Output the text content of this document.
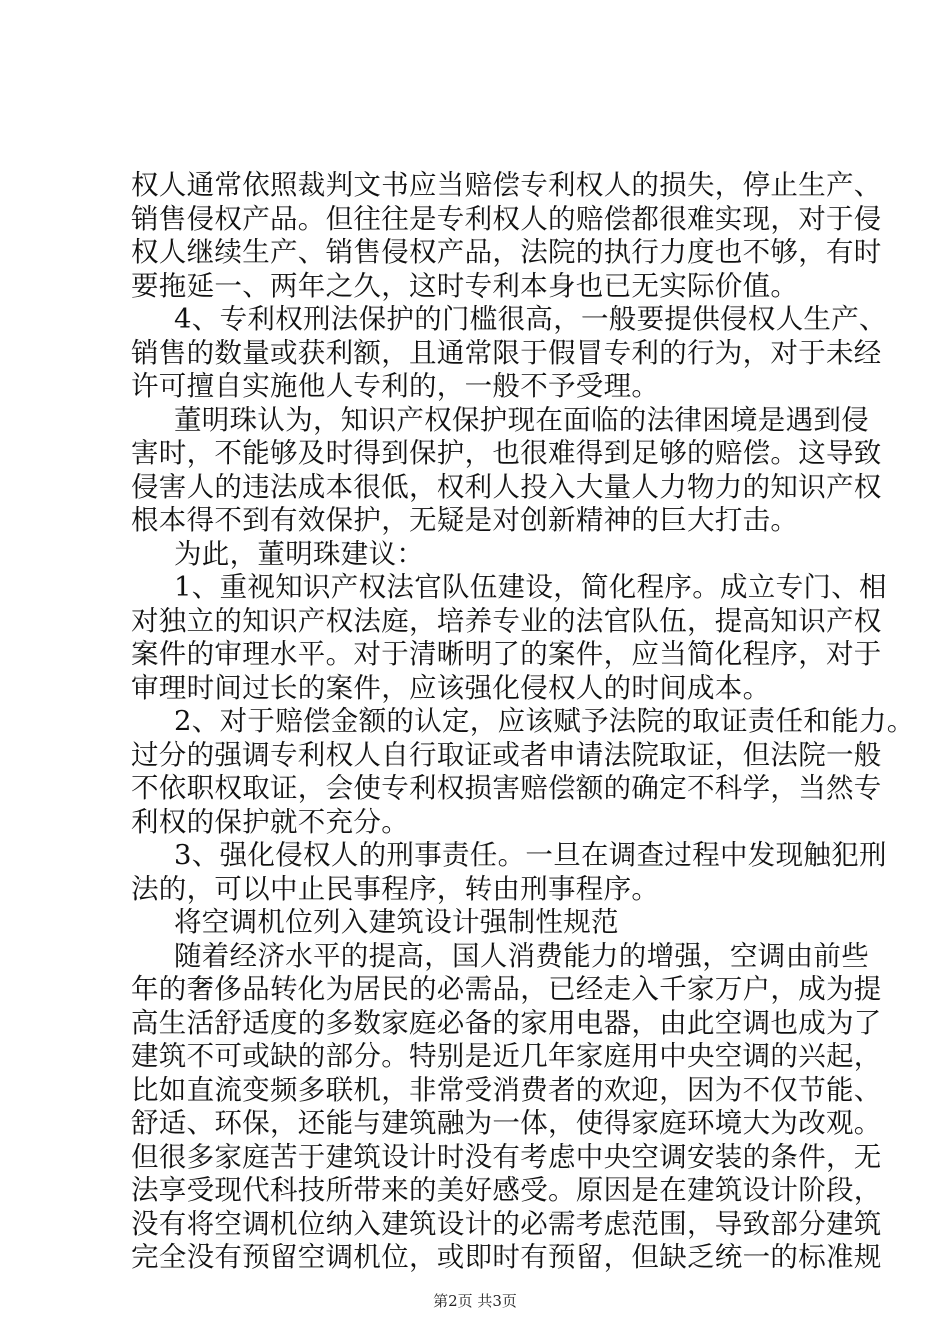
权人通常依照裁判文书应当赔偿专利权人的损失，停止生产、
销售侵权产品。但往往是专利权人的赔偿都很难实现，对于侵
权人继续生产、销售侵权产品，法院的执行力度也不够，有时
要拖延一、两年之久，这时专利本身也已无实际价值。
4、专利权刑法保护的门槛很高，一般要提供侵权人生产、
销售的数量或获利额，且通常限于假冒专利的行为，对于未经
许可擅自实施他人专利的，一般不予受理。
董明珠认为，知识产权保护现在面临的法律困境是遇到侵
害时，不能够及时得到保护，也很难得到足够的赔偿。这导致
侵害人的违法成本很低，权利人投入大量人力物力的知识产权
根本得不到有效保护，无疑是对创新精神的巨大打击。
为此，董明珠建议：
1、重视知识产权法官队伍建设，简化程序。成立专门、相
对独立的知识产权法庭，培养专业的法官队伍，提高知识产权
案件的审理水平。对于清晰明了的案件，应当简化程序，对于
审理时间过长的案件，应该强化侵权人的时间成本。
2、对于赔偿金额的认定，应该赋予法院的取证责任和能力。
过分的强调专利权人自行取证或者申请法院取证，但法院一般
不依职权取证，会使专利权损害赔偿额的确定不科学，当然专
利权的保护就不充分。
3、强化侵权人的刑事责任。一旦在调查过程中发现触犯刑
法的，可以中止民事程序，转由刑事程序。
将空调机位列入建筑设计强制性规范
随着经济水平的提高，国人消费能力的增强，空调由前些
年的奢侈品转化为居民的必需品，已经走入千家万户，成为提
高生活舒适度的多数家庭必备的家用电器，由此空调也成为了
建筑不可或缺的部分。特别是近几年家庭用中央空调的兴起，
比如直流变频多联机，非常受消费者的欢迎，因为不仅节能、
舒适、环保，还能与建筑融为一体，使得家庭环境大为改观。
但很多家庭苦于建筑设计时没有考虑中央空调安装的条件，无
法享受现代科技所带来的美好感受。原因是在建筑设计阶段，
没有将空调机位纳入建筑设计的必需考虑范围，导致部分建筑
完全没有预留空调机位，或即时有预留，但缺乏统一的标准规
第2页 共3页
